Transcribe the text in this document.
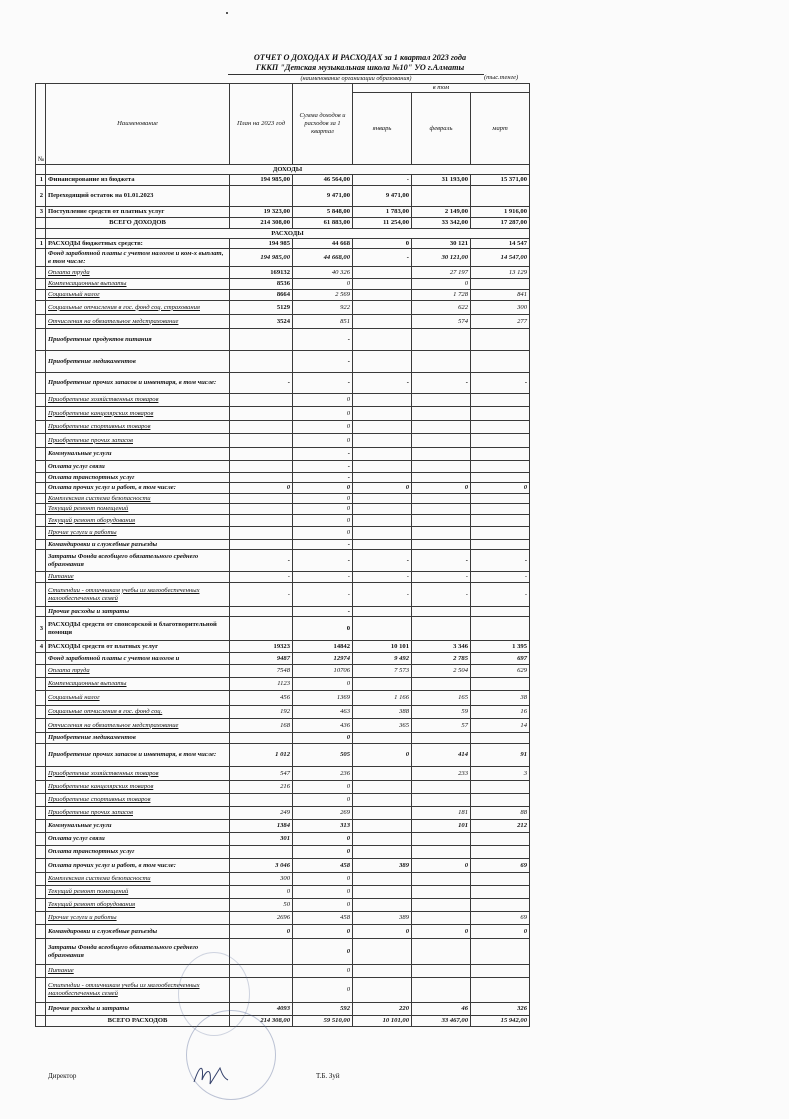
ОТЧЕТ О ДОХОДАХ И РАСХОДАХ за 1 квартал 2023 года
ГККП "Детская музыкальная школа №10" УО г.Алматы
(наименование организации образования)	(тыс.тенге)
№	Наименование	План на 2023 год	Сумма доходов и расходов за 1 квартал	в том		
				январь	февраль	март
	ДОХОДЫ					
1	Финансирование из бюджета	194 985,00	46 564,00	-	31 193,00	15 371,00
2	Переходящий остаток на 01.01.2023		9 471,00	9 471,00		
3	Поступление средств от платных услуг	19 323,00	5 848,00	1 783,00	2 149,00	1 916,00
	ВСЕГО ДОХОДОВ	214 308,00	61 883,00	11 254,00	33 342,00	17 287,00
	РАСХОДЫ					
1	РАСХОДЫ бюджетных средств:	194 985	44 668	0	30 121	14 547
	Фонд заработной платы с учетом налогов и ком-х выплат, в том числе:	194 985,00	44 668,00	-	30 121,00	14 547,00
	Оплата труда	169132	40 326		27 197	13 129
	Компенсационные выплаты	8536	0		0	
	Социальный налог	8664	2 569		1 728	841
	Социальные отчисления в гос. фонд соц. страхования	5129	922		622	300
	Отчисления на обязательное медстрахование	3524	851		574	277
	Приобретение продуктов питания		-			
	Приобретение медикаментов		-			
	Приобретение прочих запасов и инвентаря, в том числе:	-	-	-	-	-
	Приобретение хозяйственных товаров		0			
	Приобретение канцелярских товаров		0			
	Приобретение спортивных товаров		0			
	Приобретение прочих запасов		0			
	Коммунальные услуги		-			
	Оплата услуг связи		-			
	Оплата транспортных услуг		-			
	Оплата прочих услуг и работ, в том числе:	0	0	0	0	0
	Комплексная система безопасности		0			
	Текущий ремонт помещений		0			
	Текущий ремонт оборудования		0			
	Прочие услуги и работы		0			
	Командировки и служебные разъезды		-			
	Затраты Фонда всеобщего обязательного среднего образования	-	-	-	-	-
	Питание	-	-	-	-	-
	Стипендии - отличникам учебы из малообеспеченных малообеспеченных семей	-	-	-	-	-
	Прочие расходы и затраты		-			
3	РАСХОДЫ средств от спонсорской и благотворительной помощи		0			
4	РАСХОДЫ средств от платных услуг	19323	14842	10 101	3 346	1 395
	Фонд заработной платы с учетом налогов и	9487	12974	9 492	2 785	697
	Оплата труда	7548	10706	7 573	2 504	629
	Компенсационные выплаты	1123	0			
	Социальный налог	456	1369	1 166	165	38
	Социальные отчисления в гос. фонд соц.	192	463	388	59	16
	Отчисления на обязательное медстрахование	168	436	365	57	14
	Приобретение медикаментов		0			
	Приобретение прочих запасов и инвентаря, в том числе:	1 012	505	0	414	91
	Приобретение хозяйственных товаров	547	236		233	3
	Приобретение канцелярских товаров	216	0			
	Приобретение спортивных товаров		0			
	Приобретение прочих запасов	249	269		181	88
	Коммунальные услуги	1384	313		101	212
	Оплата услуг связи	301	0			
	Оплата транспортных услуг		0			
	Оплата прочих услуг и работ, в том числе:	3 046	458	389	0	69
	Комплексная система безопасности	300	0			
	Текущий ремонт помещений	0	0			
	Текущий ремонт оборудования	50	0			
	Прочие услуги и работы	2696	458	389		69
	Командировки и служебные разъезды	0	0	0	0	0
	Затраты Фонда всеобщего обязательного среднего образования		0			
	Питание		0			
	Стипендии - отличникам учебы из малообеспеченных малообеспеченных семей		0			
	Прочие расходы и затраты	4093	592	220	46	326
	ВСЕГО РАСХОДОВ	214 308,00	59 510,00	10 101,00	33 467,00	15 942,00
Директор	Т.Б. Зуй
